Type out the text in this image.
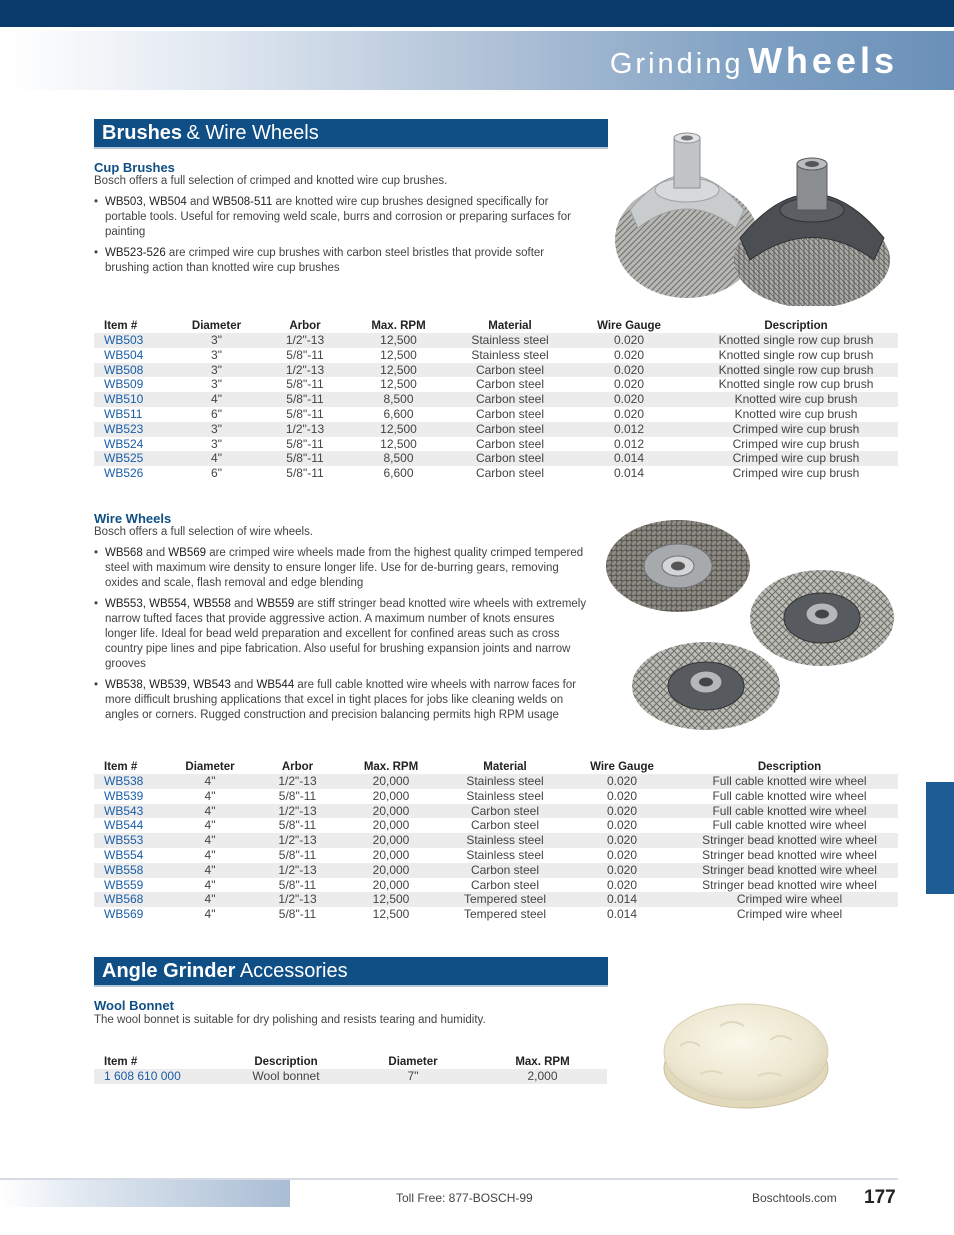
Grinding Wheels
Brushes & Wire Wheels
Cup Brushes
Bosch offers a full selection of crimped and knotted wire cup brushes.
• WB503, WB504 and WB508-511 are knotted wire cup brushes designed specifically for portable tools. Useful for removing weld scale, burrs and corrosion or preparing surfaces for painting
• WB523-526 are crimped wire cup brushes with carbon steel bristles that provide softer brushing action than knotted wire cup brushes
Item #	Diameter	Arbor	Max. RPM	Material	Wire Gauge	Description
WB503	3"	1/2"-13	12,500	Stainless steel	0.020	Knotted single row cup brush
WB504	3"	5/8"-11	12,500	Stainless steel	0.020	Knotted single row cup brush
WB508	3"	1/2"-13	12,500	Carbon steel	0.020	Knotted single row cup brush
WB509	3"	5/8"-11	12,500	Carbon steel	0.020	Knotted single row cup brush
WB510	4"	5/8"-11	8,500	Carbon steel	0.020	Knotted wire cup brush
WB511	6"	5/8"-11	6,600	Carbon steel	0.020	Knotted wire cup brush
WB523	3"	1/2"-13	12,500	Carbon steel	0.012	Crimped wire cup brush
WB524	3"	5/8"-11	12,500	Carbon steel	0.012	Crimped wire cup brush
WB525	4"	5/8"-11	8,500	Carbon steel	0.014	Crimped wire cup brush
WB526	6"	5/8"-11	6,600	Carbon steel	0.014	Crimped wire cup brush
Wire Wheels
Bosch offers a full selection of wire wheels.
• WB568 and WB569 are crimped wire wheels made from the highest quality crimped tempered steel with maximum wire density to ensure longer life. Use for de-burring gears, removing oxides and scale, flash removal and edge blending
• WB553, WB554, WB558 and WB559 are stiff stringer bead knotted wire wheels with extremely narrow tufted faces that provide aggressive action. A maximum number of knots ensures longer life. Ideal for bead weld preparation and excellent for confined areas such as cross country pipe lines and pipe fabrication. Also useful for brushing expansion joints and narrow grooves
• WB538, WB539, WB543 and WB544 are full cable knotted wire wheels with narrow faces for more difficult brushing applications that excel in tight places for jobs like cleaning welds on angles or corners. Rugged construction and precision balancing permits high RPM usage
Item #	Diameter	Arbor	Max. RPM	Material	Wire Gauge	Description
WB538	4"	1/2"-13	20,000	Stainless steel	0.020	Full cable knotted wire wheel
WB539	4"	5/8"-11	20,000	Stainless steel	0.020	Full cable knotted wire wheel
WB543	4"	1/2"-13	20,000	Carbon steel	0.020	Full cable knotted wire wheel
WB544	4"	5/8"-11	20,000	Carbon steel	0.020	Full cable knotted wire wheel
WB553	4"	1/2"-13	20,000	Stainless steel	0.020	Stringer bead knotted wire wheel
WB554	4"	5/8"-11	20,000	Stainless steel	0.020	Stringer bead knotted wire wheel
WB558	4"	1/2"-13	20,000	Carbon steel	0.020	Stringer bead knotted wire wheel
WB559	4"	5/8"-11	20,000	Carbon steel	0.020	Stringer bead knotted wire wheel
WB568	4"	1/2"-13	12,500	Tempered steel	0.014	Crimped wire wheel
WB569	4"	5/8"-11	12,500	Tempered steel	0.014	Crimped wire wheel
Angle Grinder Accessories
Wool Bonnet
The wool bonnet is suitable for dry polishing and resists tearing and humidity.
Item #	Description	Diameter	Max. RPM
1 608 610 000	Wool bonnet	7"	2,000
Toll Free: 877-BOSCH-99	Boschtools.com 177
